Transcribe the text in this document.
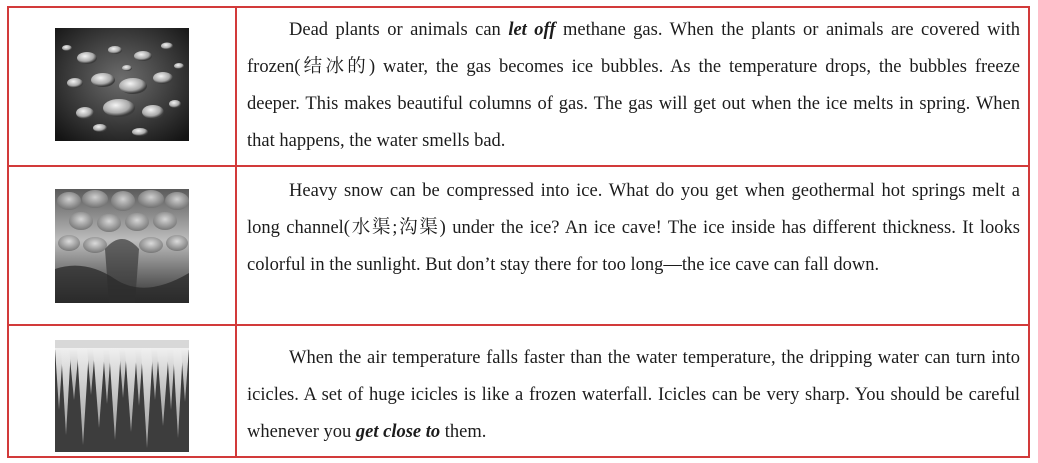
Dead plants or animals can let off methane gas. When the plants or animals are covered with frozen(结冰的) water, the gas becomes ice bubbles. As the temperature drops, the bubbles freeze deeper. This makes beautiful columns of gas. The gas will get out when the ice melts in spring. When that happens, the water smells bad.

Heavy snow can be compressed into ice. What do you get when geothermal hot springs melt a long channel(水渠;沟渠) under the ice? An ice cave! The ice inside has different thickness. It looks colorful in the sunlight. But don’t stay there for too long—the ice cave can fall down.

When the air temperature falls faster than the water temperature, the dripping water can turn into icicles. A set of huge icicles is like a frozen waterfall. Icicles can be very sharp. You should be careful whenever you get close to them.
